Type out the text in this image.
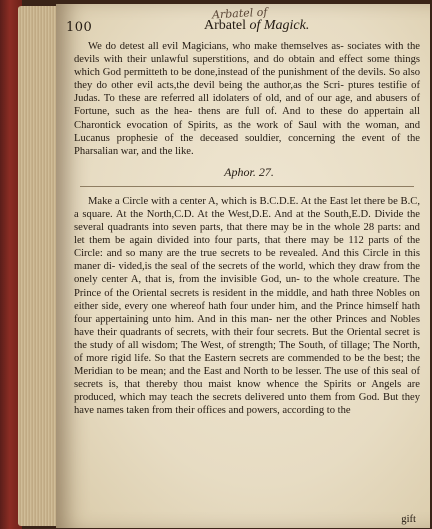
Arbatel of

100	Arbatel of Magick.

We do detest all evil Magicians, who make themselves as- sociates with the devils with their unlawful superstitions, and do obtain and effect some things which God permitteth to be done,instead of the punishment of the devils. So also they do other evil acts,the devil being the author,as the Scri- ptures testifie of Judas. To these are referred all idolaters of old, and of our age, and abusers of Fortune, such as the hea- thens are full of. And to these do appertain all Charontick evocation of Spirits, as the work of Saul with the woman, and Lucanus prophesie of the deceased souldier, concerning the event of the Pharsalian war, and the like.

Aphor. 27.

Make a Circle with a center A, which is B.C.D.E. At the East let there be B.C, a square. At the North,C.D. At the West,D.E. And at the South,E.D. Divide the several quadrants into seven parts, that there may be in the whole 28 parts: and let them be again divided into four parts, that there may be 112 parts of the Circle: and so many are the true secrets to be revealed. And this Circle in this maner di- vided,is the seal of the secrets of the world, which they draw from the onely center A, that is, from the invisible God, un- to the whole creature. The Prince of the Oriental secrets is resident in the middle, and hath three Nobles on either side, every one whereof hath four under him, and the Prince himself hath four appertaining unto him. And in this man- ner the other Princes and Nobles have their quadrants of secrets, with their four secrets. But the Oriental secret is the study of all wisdom; The West, of strength; The South, of tillage; The North, of more rigid life. So that the Eastern secrets are commended to be the best; the Meridian to be mean; and the East and North to be lesser. The use of this seal of secrets is, that thereby thou maist know whence the Spirits or Angels are produced, which may teach the secrets delivered unto them from God. But they have names taken from their offices and powers, according to the

gift
